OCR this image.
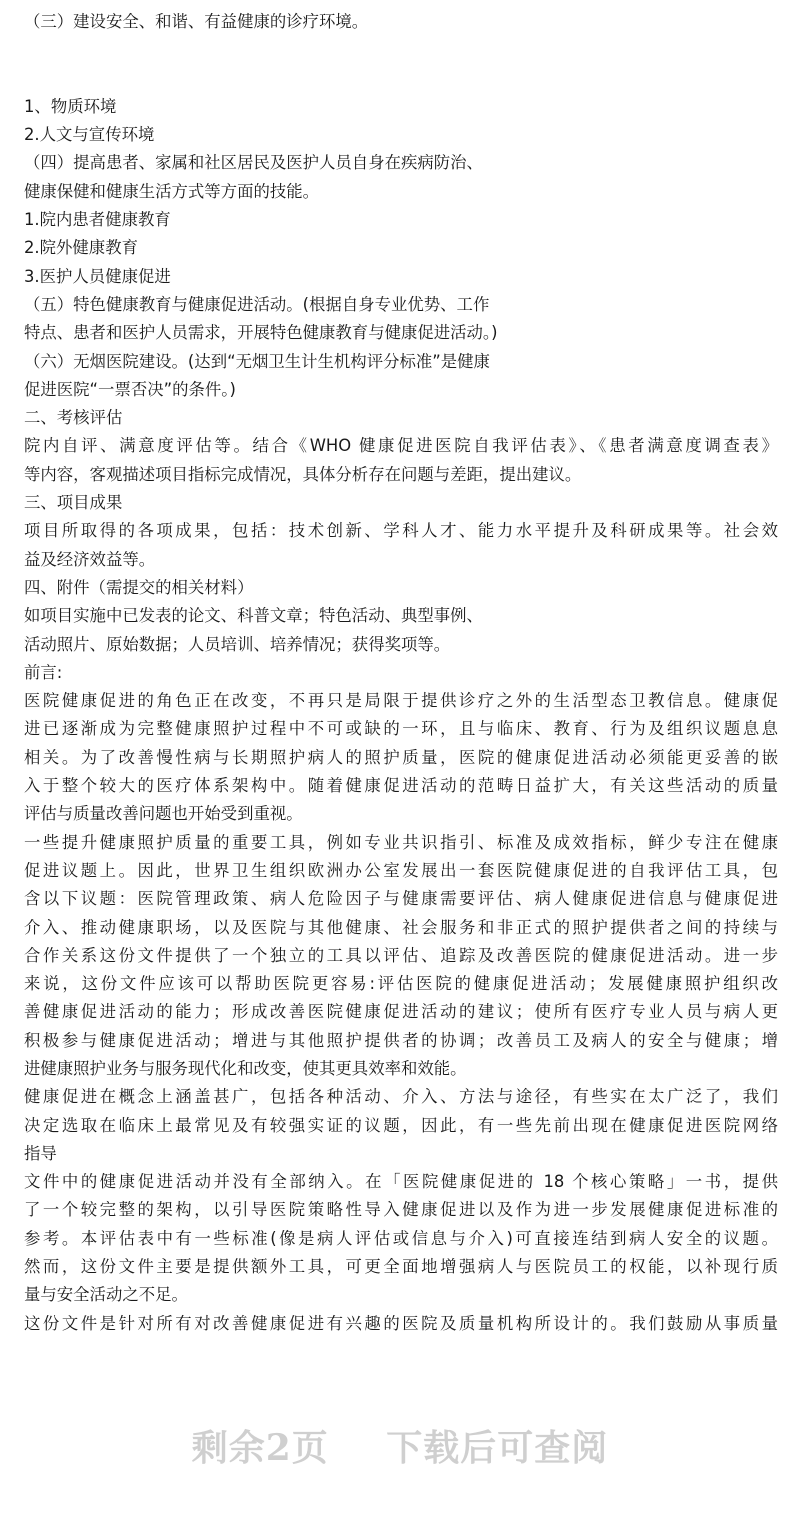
（三）建设安全、和谐、有益健康的诊疗环境。
1、物质环境
2.人文与宣传环境
（四）提高患者、家属和社区居民及医护人员自身在疾病防治、
健康保健和健康生活方式等方面的技能。
1.院内患者健康教育
2.院外健康教育
3.医护人员健康促进
（五）特色健康教育与健康促进活动。(根据自身专业优势、工作
特点、患者和医护人员需求，开展特色健康教育与健康促进活动。)
（六）无烟医院建设。(达到“无烟卫生计生机构评分标准”是健康
促进医院“一票否决”的条件。)
二、考核评估
院内自评、满意度评估等。结合《WHO 健康促进医院自我评估表》、《患者满意度调查表》
等内容，客观描述项目指标完成情况，具体分析存在问题与差距，提出建议。
三、项目成果
项目所取得的各项成果，包括：技术创新、学科人才、能力水平提升及科研成果等。社会效
益及经济效益等。
四、附件（需提交的相关材料）
如项目实施中已发表的论文、科普文章；特色活动、典型事例、
活动照片、原始数据；人员培训、培养情况；获得奖项等。
前言:
医院健康促进的角色正在改变，不再只是局限于提供诊疗之外的生活型态卫教信息。健康促
进已逐渐成为完整健康照护过程中不可或缺的一环，且与临床、教育、行为及组织议题息息
相关。为了改善慢性病与长期照护病人的照护质量，医院的健康促进活动必须能更妥善的嵌
入于整个较大的医疗体系架构中。随着健康促进活动的范畴日益扩大，有关这些活动的质量
评估与质量改善问题也开始受到重视。
一些提升健康照护质量的重要工具，例如专业共识指引、标准及成效指标，鲜少专注在健康
促进议题上。因此，世界卫生组织欧洲办公室发展出一套医院健康促进的自我评估工具，包
含以下议题：医院管理政策、病人危险因子与健康需要评估、病人健康促进信息与健康促进
介入、推动健康职场，以及医院与其他健康、社会服务和非正式的照护提供者之间的持续与
合作关系这份文件提供了一个独立的工具以评估、追踪及改善医院的健康促进活动。进一步
来说，这份文件应该可以帮助医院更容易:评估医院的健康促进活动；发展健康照护组织改
善健康促进活动的能力；形成改善医院健康促进活动的建议；使所有医疗专业人员与病人更
积极参与健康促进活动；增进与其他照护提供者的协调；改善员工及病人的安全与健康；增
进健康照护业务与服务现代化和改变，使其更具效率和效能。
健康促进在概念上涵盖甚广，包括各种活动、介入、方法与途径，有些实在太广泛了，我们
决定选取在临床上最常见及有较强实证的议题，因此，有一些先前出现在健康促进医院网络
指导
文件中的健康促进活动并没有全部纳入。在「医院健康促进的 18 个核心策略」一书，提供
了一个较完整的架构，以引导医院策略性导入健康促进以及作为进一步发展健康促进标准的
参考。本评估表中有一些标准(像是病人评估或信息与介入)可直接连结到病人安全的议题。
然而，这份文件主要是提供额外工具，可更全面地增强病人与医院员工的权能，以补现行质
量与安全活动之不足。
这份文件是针对所有对改善健康促进有兴趣的医院及质量机构所设计的。我们鼓励从事质量
剩余2页 下载后可查阅
